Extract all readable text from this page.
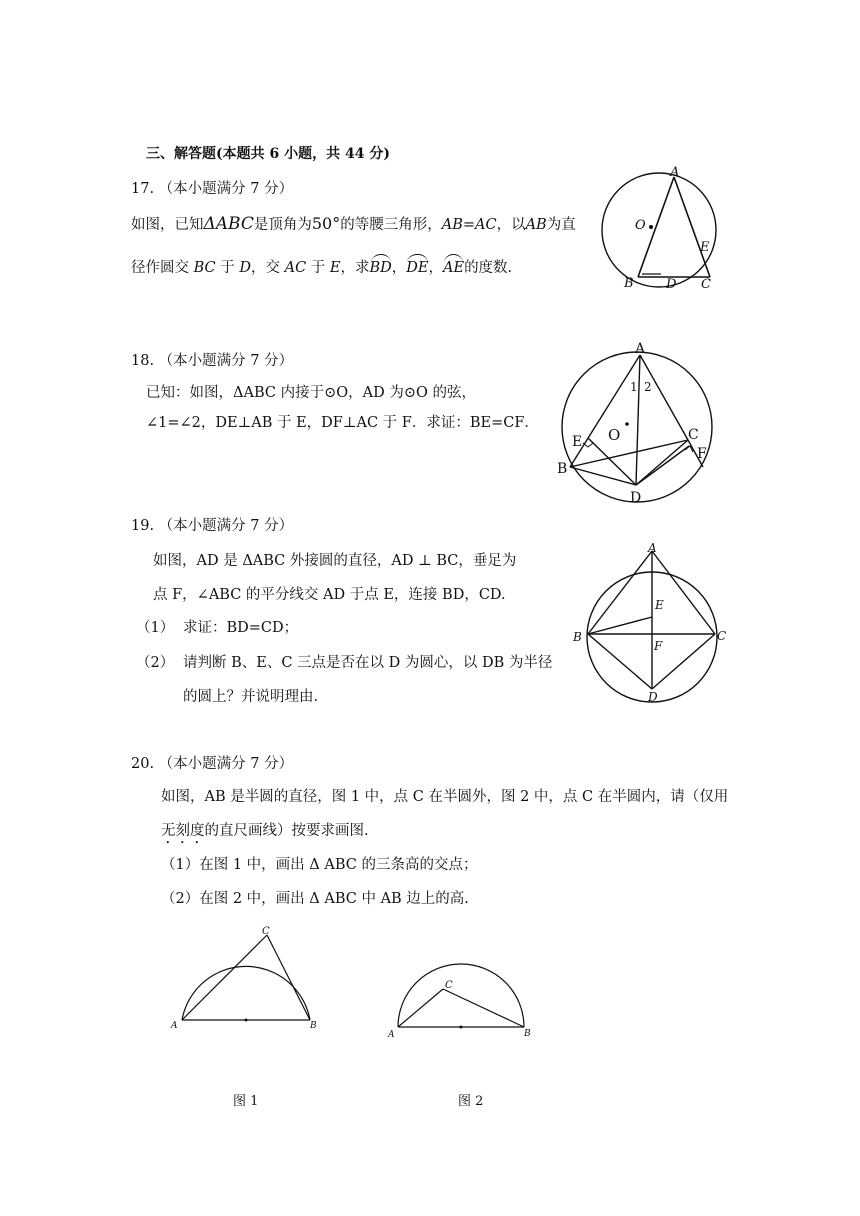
三、解答题(本题共 6 小题，共 44 分)
17. （本小题满分 7 分）
如图，已知ΔABC是顶角为50°的等腰三角形，AB=AC，以AB为直
径作圆交 BC 于 D，交 AC 于 E，求BD，DE，AE的度数.
A
O
E
B D C
18. （本小题满分 7 分）
已知：如图，ΔABC 内接于⊙O，AD 为⊙O 的弦，
∠1=∠2，DE⊥AB 于 E，DF⊥AC 于 F．求证：BE=CF．
A
1 2
O
E
B
C
F
D
19. （本小题满分 7 分）
如图，AD 是 ΔABC 外接圆的直径，AD ⊥ BC，垂足为
点 F，∠ABC 的平分线交 AD 于点 E，连接 BD，CD.
（1） 求证：BD=CD；
（2） 请判断 B、E、C 三点是否在以 D 为圆心，以 DB 为半径
的圆上？并说明理由.
A
E
B
F
C
D
20. （本小题满分 7 分）
如图，AB 是半圆的直径，图 1 中，点 C 在半圆外，图 2 中，点 C 在半圆内，请（仅用
无刻度的直尺画线）按要求画图.
（1）在图 1 中，画出 Δ ABC 的三条高的交点；
（2）在图 2 中，画出 Δ ABC 中 AB 边上的高.
A	B
C
A	B
C
图 1	图 2
